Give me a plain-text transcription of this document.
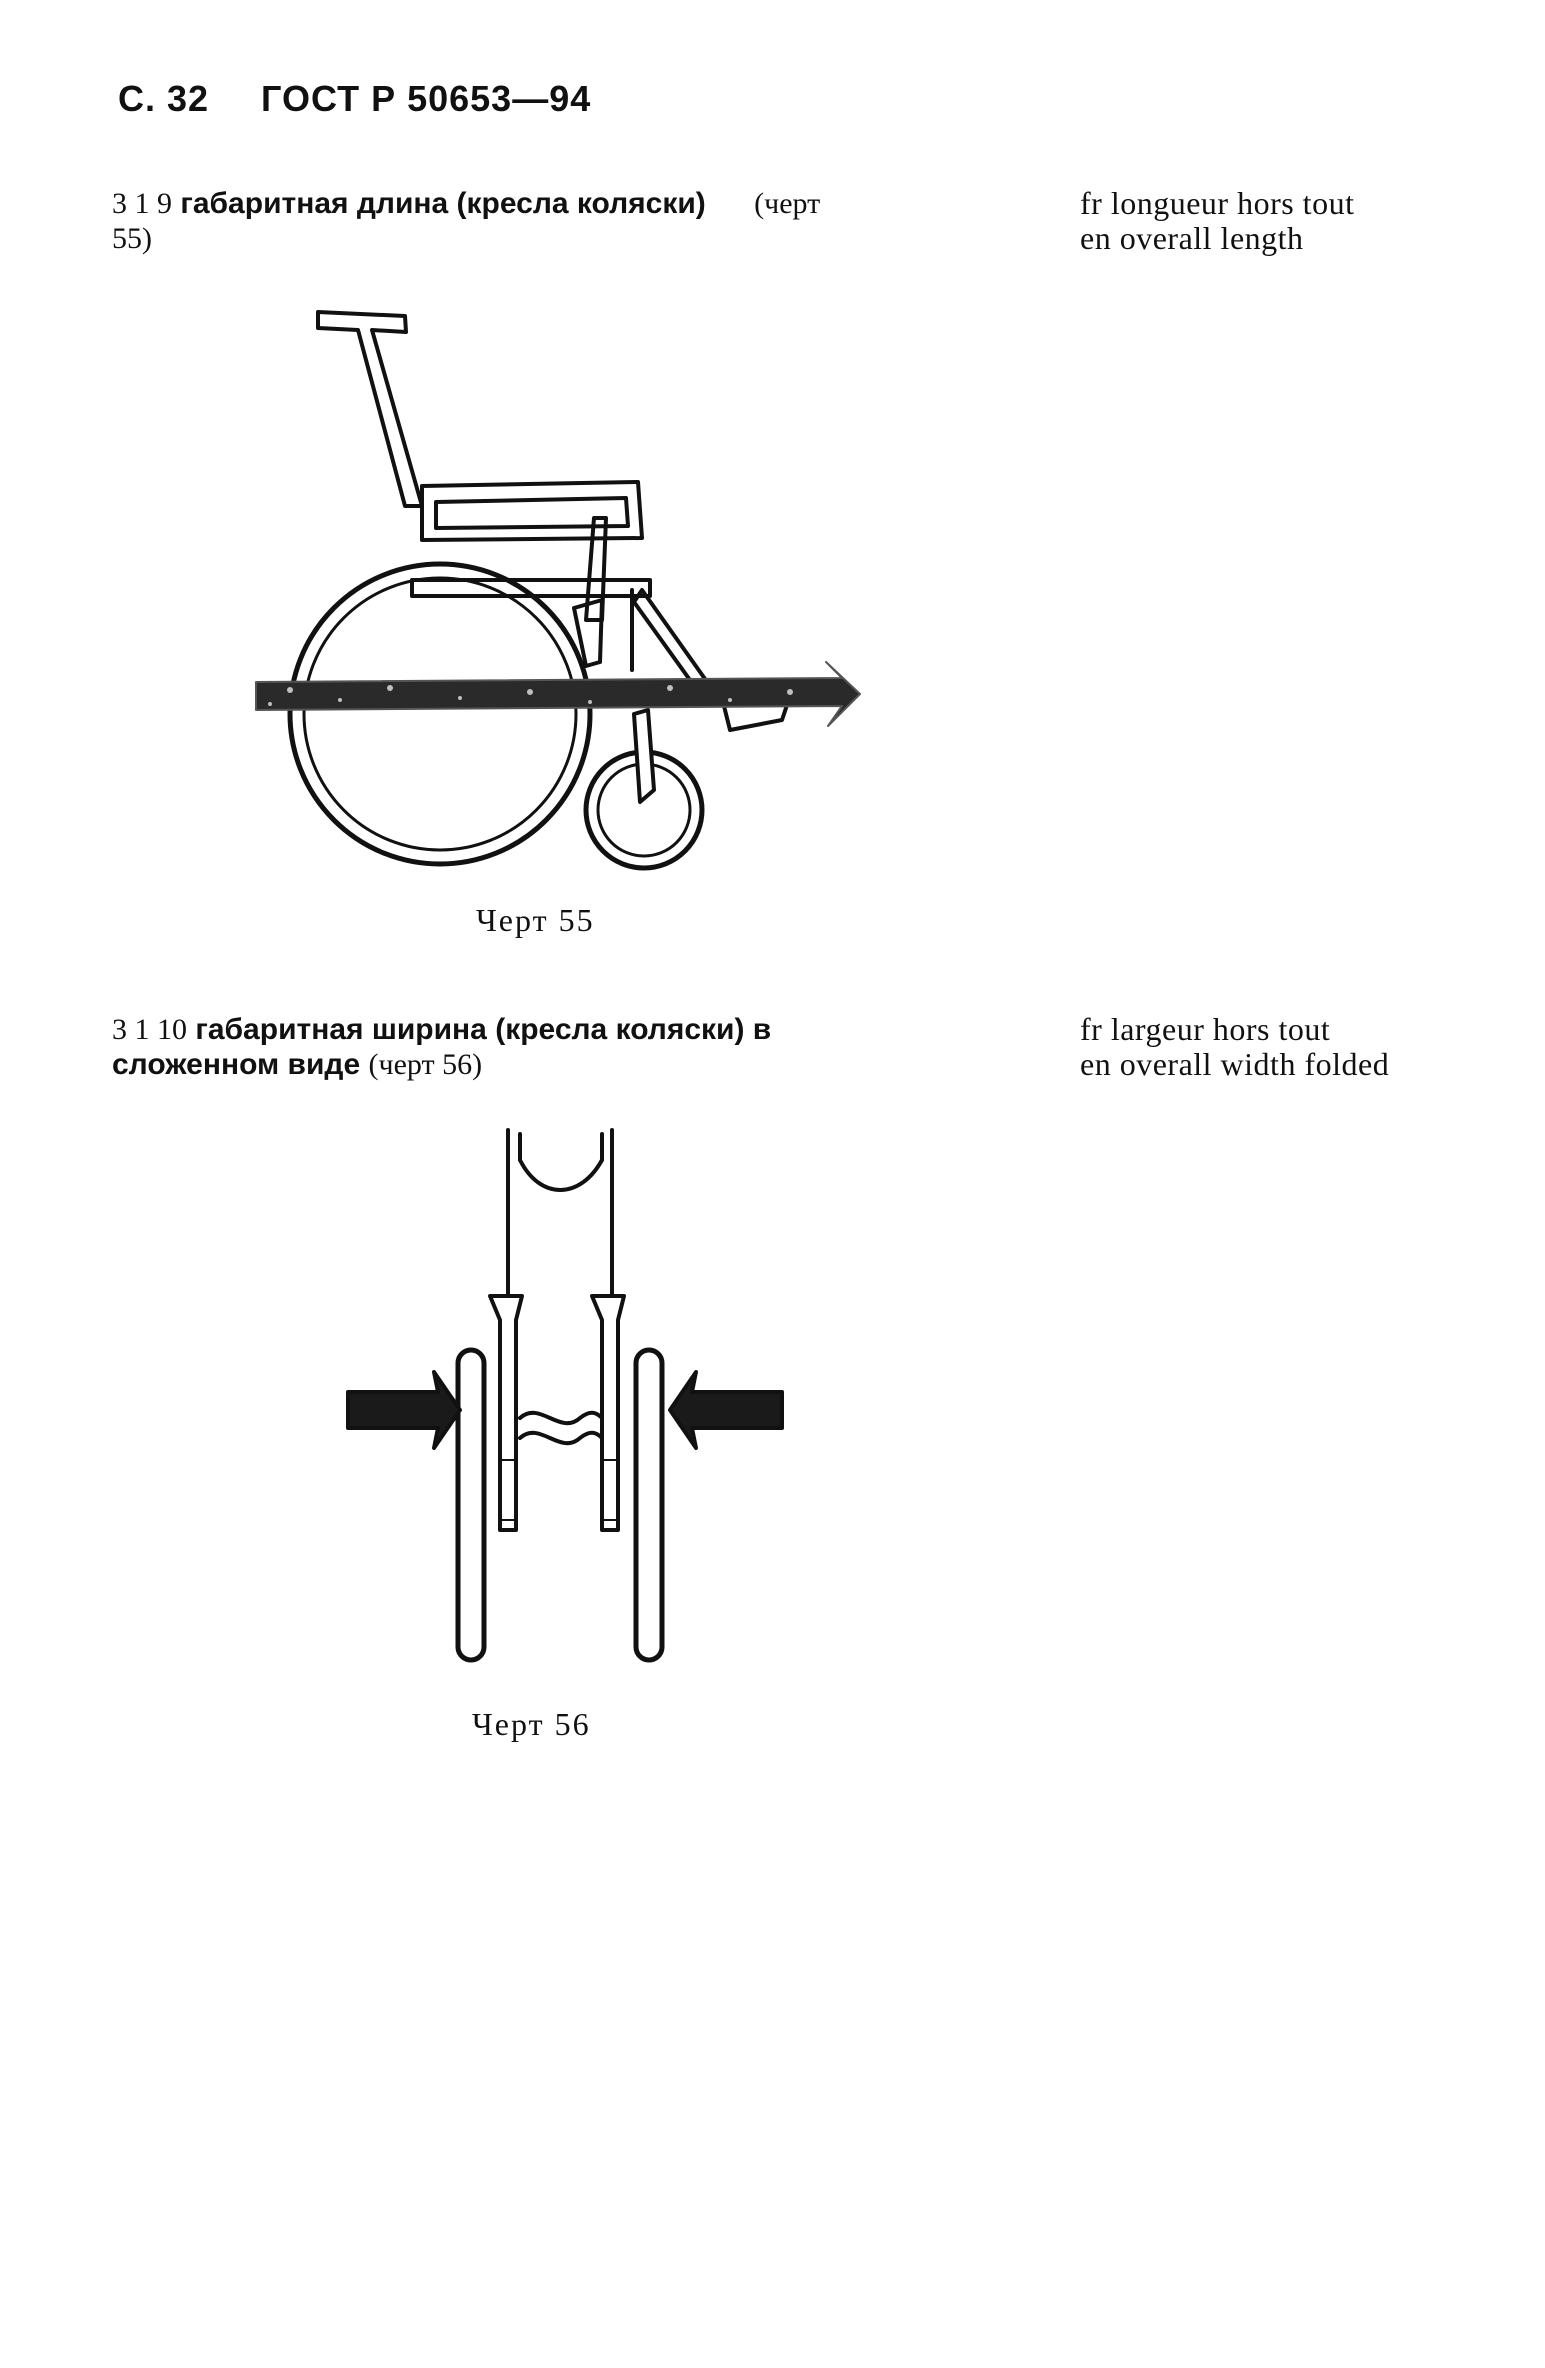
С. 32 ГОСТ Р 50653—94
3 1 9 габаритная длина (кресла коляски) (черт
55)
fr longueur hors tout
en overall length
Черт 55
3 1 10 габаритная ширина (кресла коляски) в
сложенном виде (черт 56)
fr largeur hors tout
en overall width folded
Черт 56
